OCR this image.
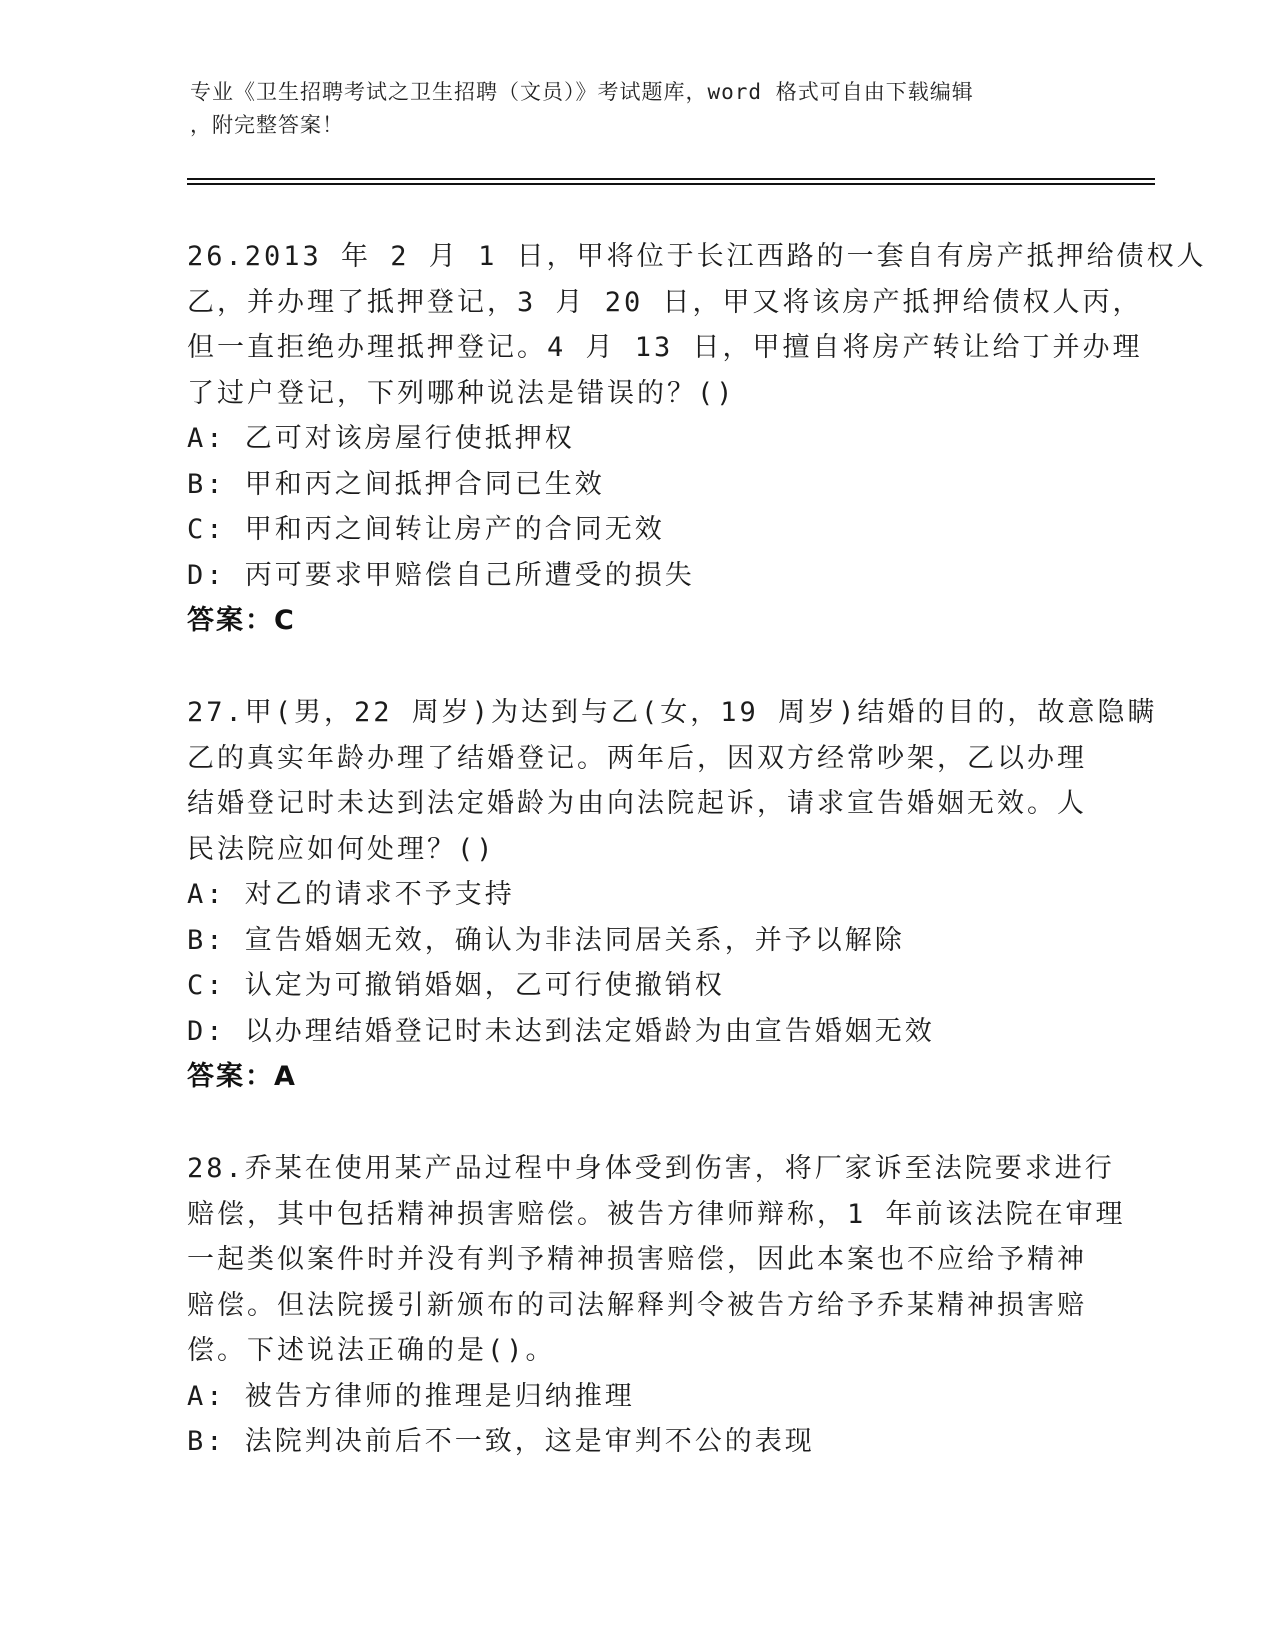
专业《卫生招聘考试之卫生招聘（文员）》考试题库，word 格式可自由下载编辑
，附完整答案！
26.2013 年 2 月 1 日，甲将位于长江西路的一套自有房产抵押给债权人
乙，并办理了抵押登记，3 月 20 日，甲又将该房产抵押给债权人丙，
但一直拒绝办理抵押登记。4 月 13 日，甲擅自将房产转让给丁并办理
了过户登记，下列哪种说法是错误的？()
A: 乙可对该房屋行使抵押权
B: 甲和丙之间抵押合同已生效
C: 甲和丙之间转让房产的合同无效
D: 丙可要求甲赔偿自己所遭受的损失
答案：C
27.甲(男，22 周岁)为达到与乙(女，19 周岁)结婚的目的，故意隐瞒
乙的真实年龄办理了结婚登记。两年后，因双方经常吵架，乙以办理
结婚登记时未达到法定婚龄为由向法院起诉，请求宣告婚姻无效。人
民法院应如何处理？()
A: 对乙的请求不予支持
B: 宣告婚姻无效，确认为非法同居关系，并予以解除
C: 认定为可撤销婚姻，乙可行使撤销权
D: 以办理结婚登记时未达到法定婚龄为由宣告婚姻无效
答案：A
28.乔某在使用某产品过程中身体受到伤害，将厂家诉至法院要求进行
赔偿，其中包括精神损害赔偿。被告方律师辩称，1 年前该法院在审理
一起类似案件时并没有判予精神损害赔偿，因此本案也不应给予精神
赔偿。但法院援引新颁布的司法解释判令被告方给予乔某精神损害赔
偿。下述说法正确的是()。
A: 被告方律师的推理是归纳推理
B: 法院判决前后不一致，这是审判不公的表现
